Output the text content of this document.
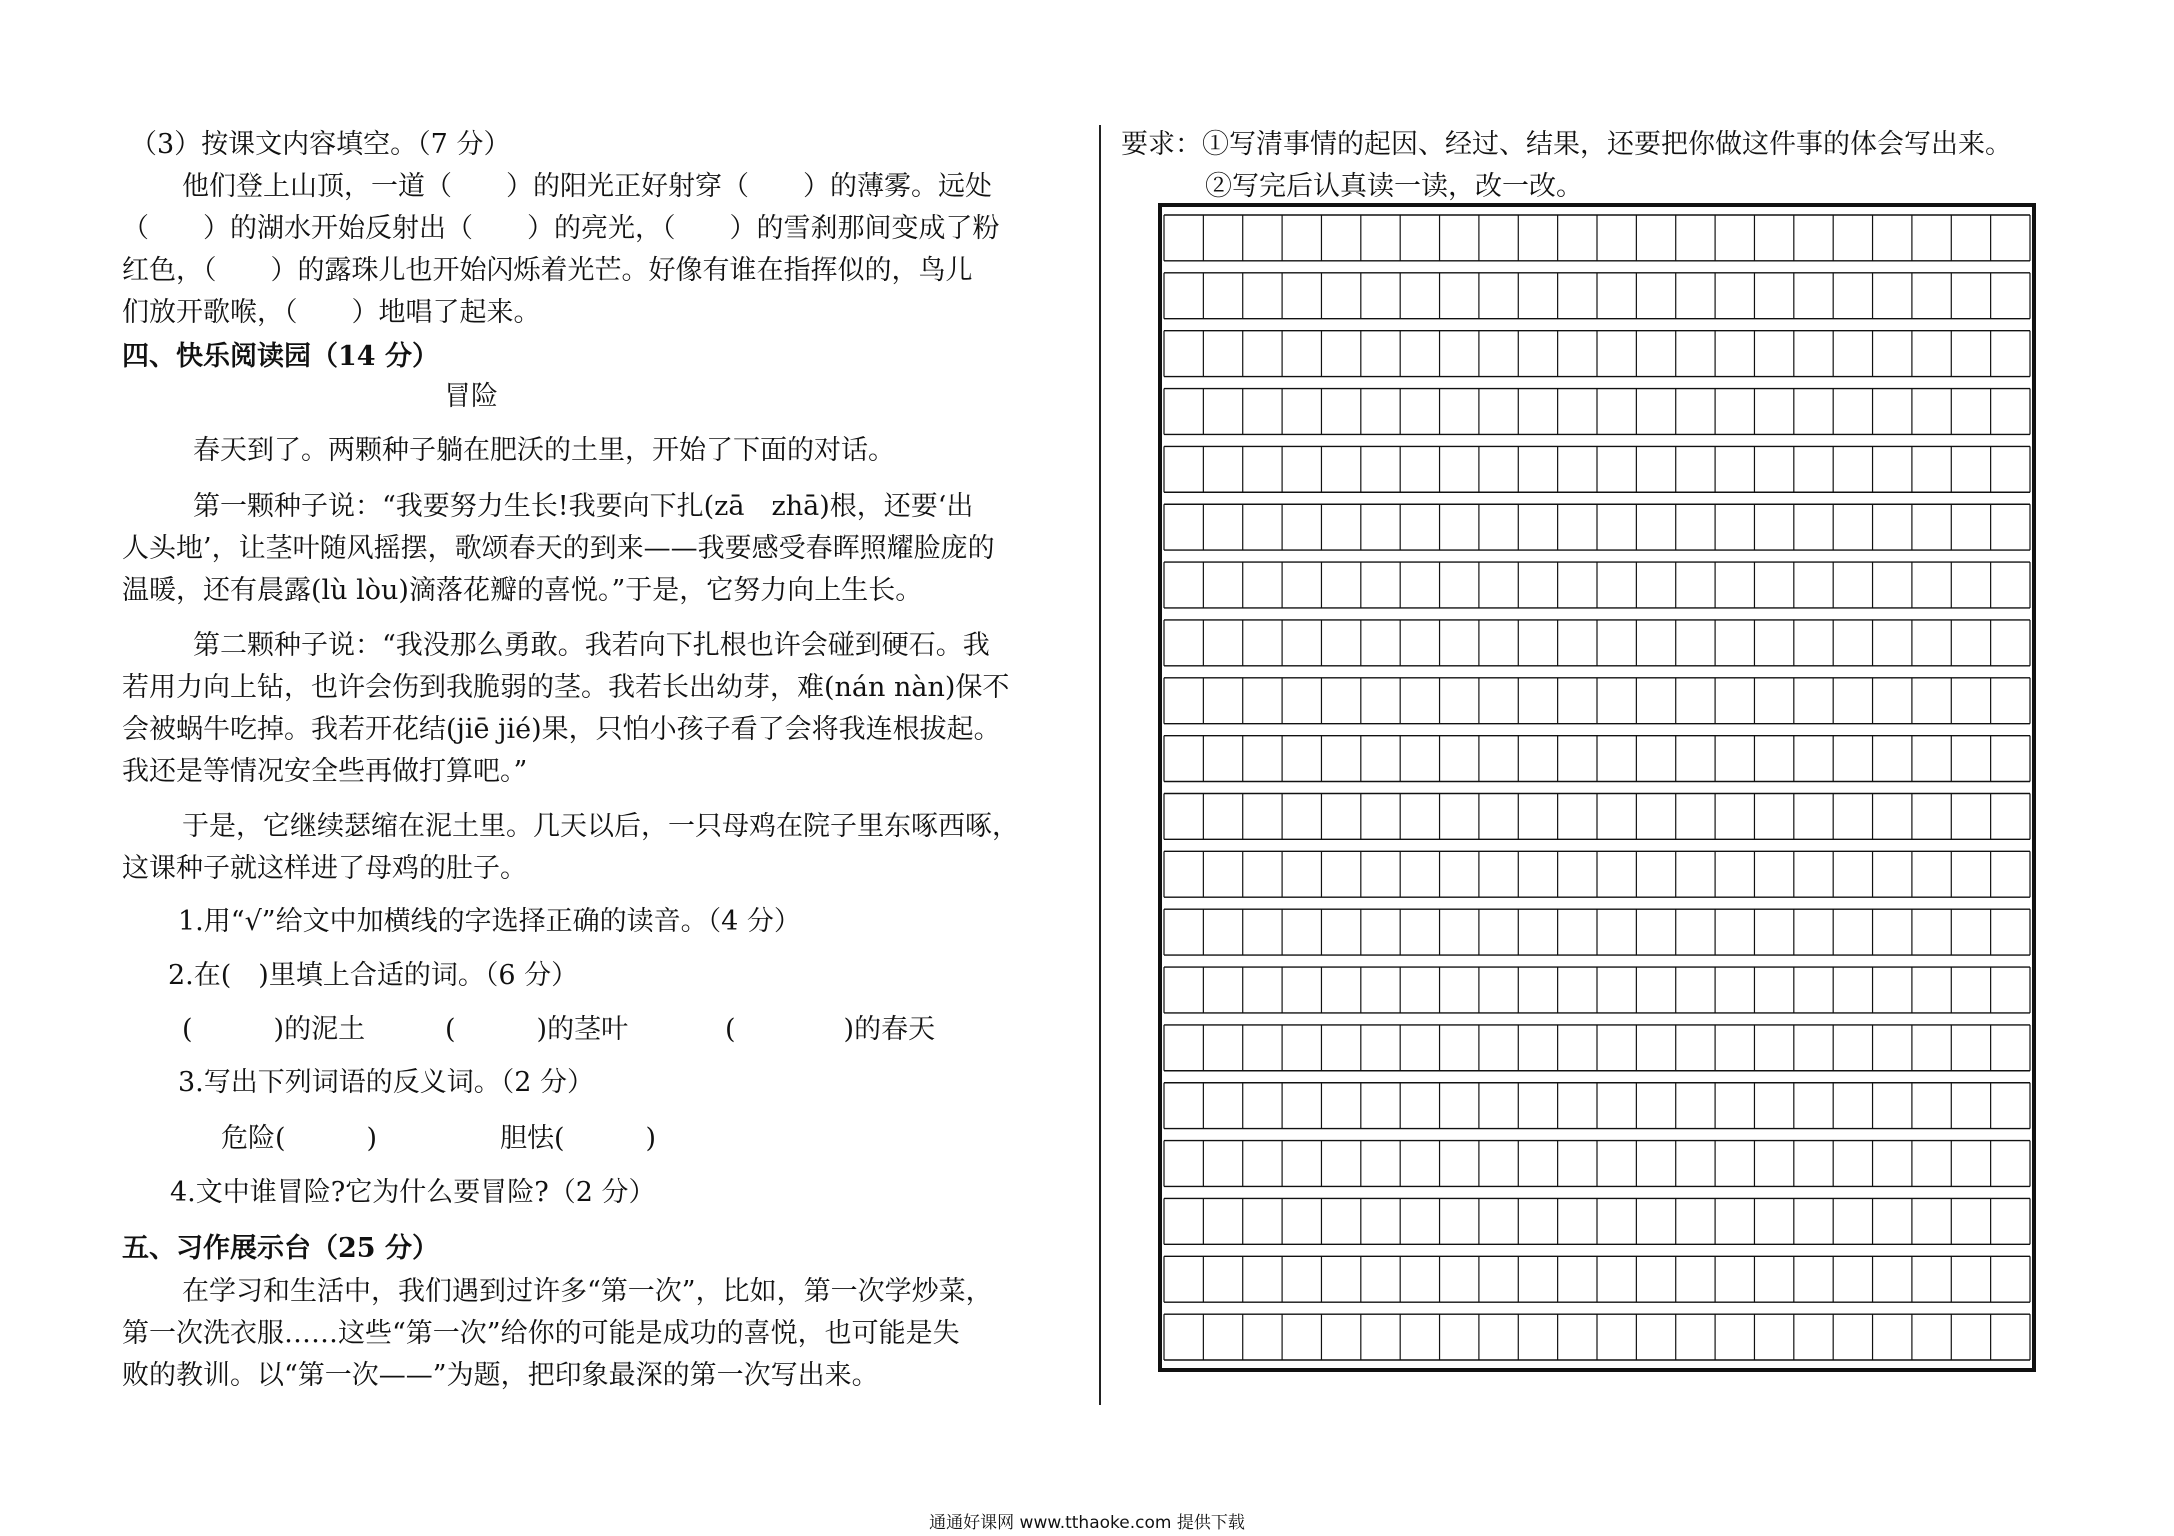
（3）按课文内容填空。（7 分）

他们登上山顶，一道（　　）的阳光正好射穿（　　）的薄雾。远处

（　　）的湖水开始反射出（　　）的亮光，（　　）的雪刹那间变成了粉

红色，（　　）的露珠儿也开始闪烁着光芒。好像有谁在指挥似的，鸟儿

们放开歌喉，（　　）地唱了起来。

四、快乐阅读园（14 分）

冒险

春天到了。两颗种子躺在肥沃的土里，开始了下面的对话。

第一颗种子说：“我要努力生长!我要向下扎(zā　zhā)根，还要‘出

人头地’，让茎叶随风摇摆，歌颂春天的到来——我要感受春晖照耀脸庞的

温暖，还有晨露(lù lòu)滴落花瓣的喜悦。”于是，它努力向上生长。

第二颗种子说：“我没那么勇敢。我若向下扎根也许会碰到硬石。我

若用力向上钻，也许会伤到我脆弱的茎。我若长出幼芽，难(nán nàn)保不

会被蜗牛吃掉。我若开花结(jiē jié)果，只怕小孩子看了会将我连根拔起。

我还是等情况安全些再做打算吧。”

于是，它继续瑟缩在泥土里。几天以后，一只母鸡在院子里东啄西啄，

这课种子就这样进了母鸡的肚子。

1.用“√”给文中加横线的字选择正确的读音。（4 分）

2.在(　)里填上合适的词。（6 分）

(　　　)的泥土	(　　　)的茎叶	(　　　　)的春天

3.写出下列词语的反义词。（2 分）

危险(　　　)	胆怯(　　　)

4.文中谁冒险?它为什么要冒险?（2 分）

五、习作展示台（25 分）

在学习和生活中，我们遇到过许多“第一次”，比如，第一次学炒菜，

第一次洗衣服……这些“第一次”给你的可能是成功的喜悦，也可能是失

败的教训。以“第一次——”为题，把印象最深的第一次写出来。

要求：①写清事情的起因、经过、结果，还要把你做这件事的体会写出来。

②写完后认真读一读，改一改。

通通好课网 www.tthaoke.com 提供下载
